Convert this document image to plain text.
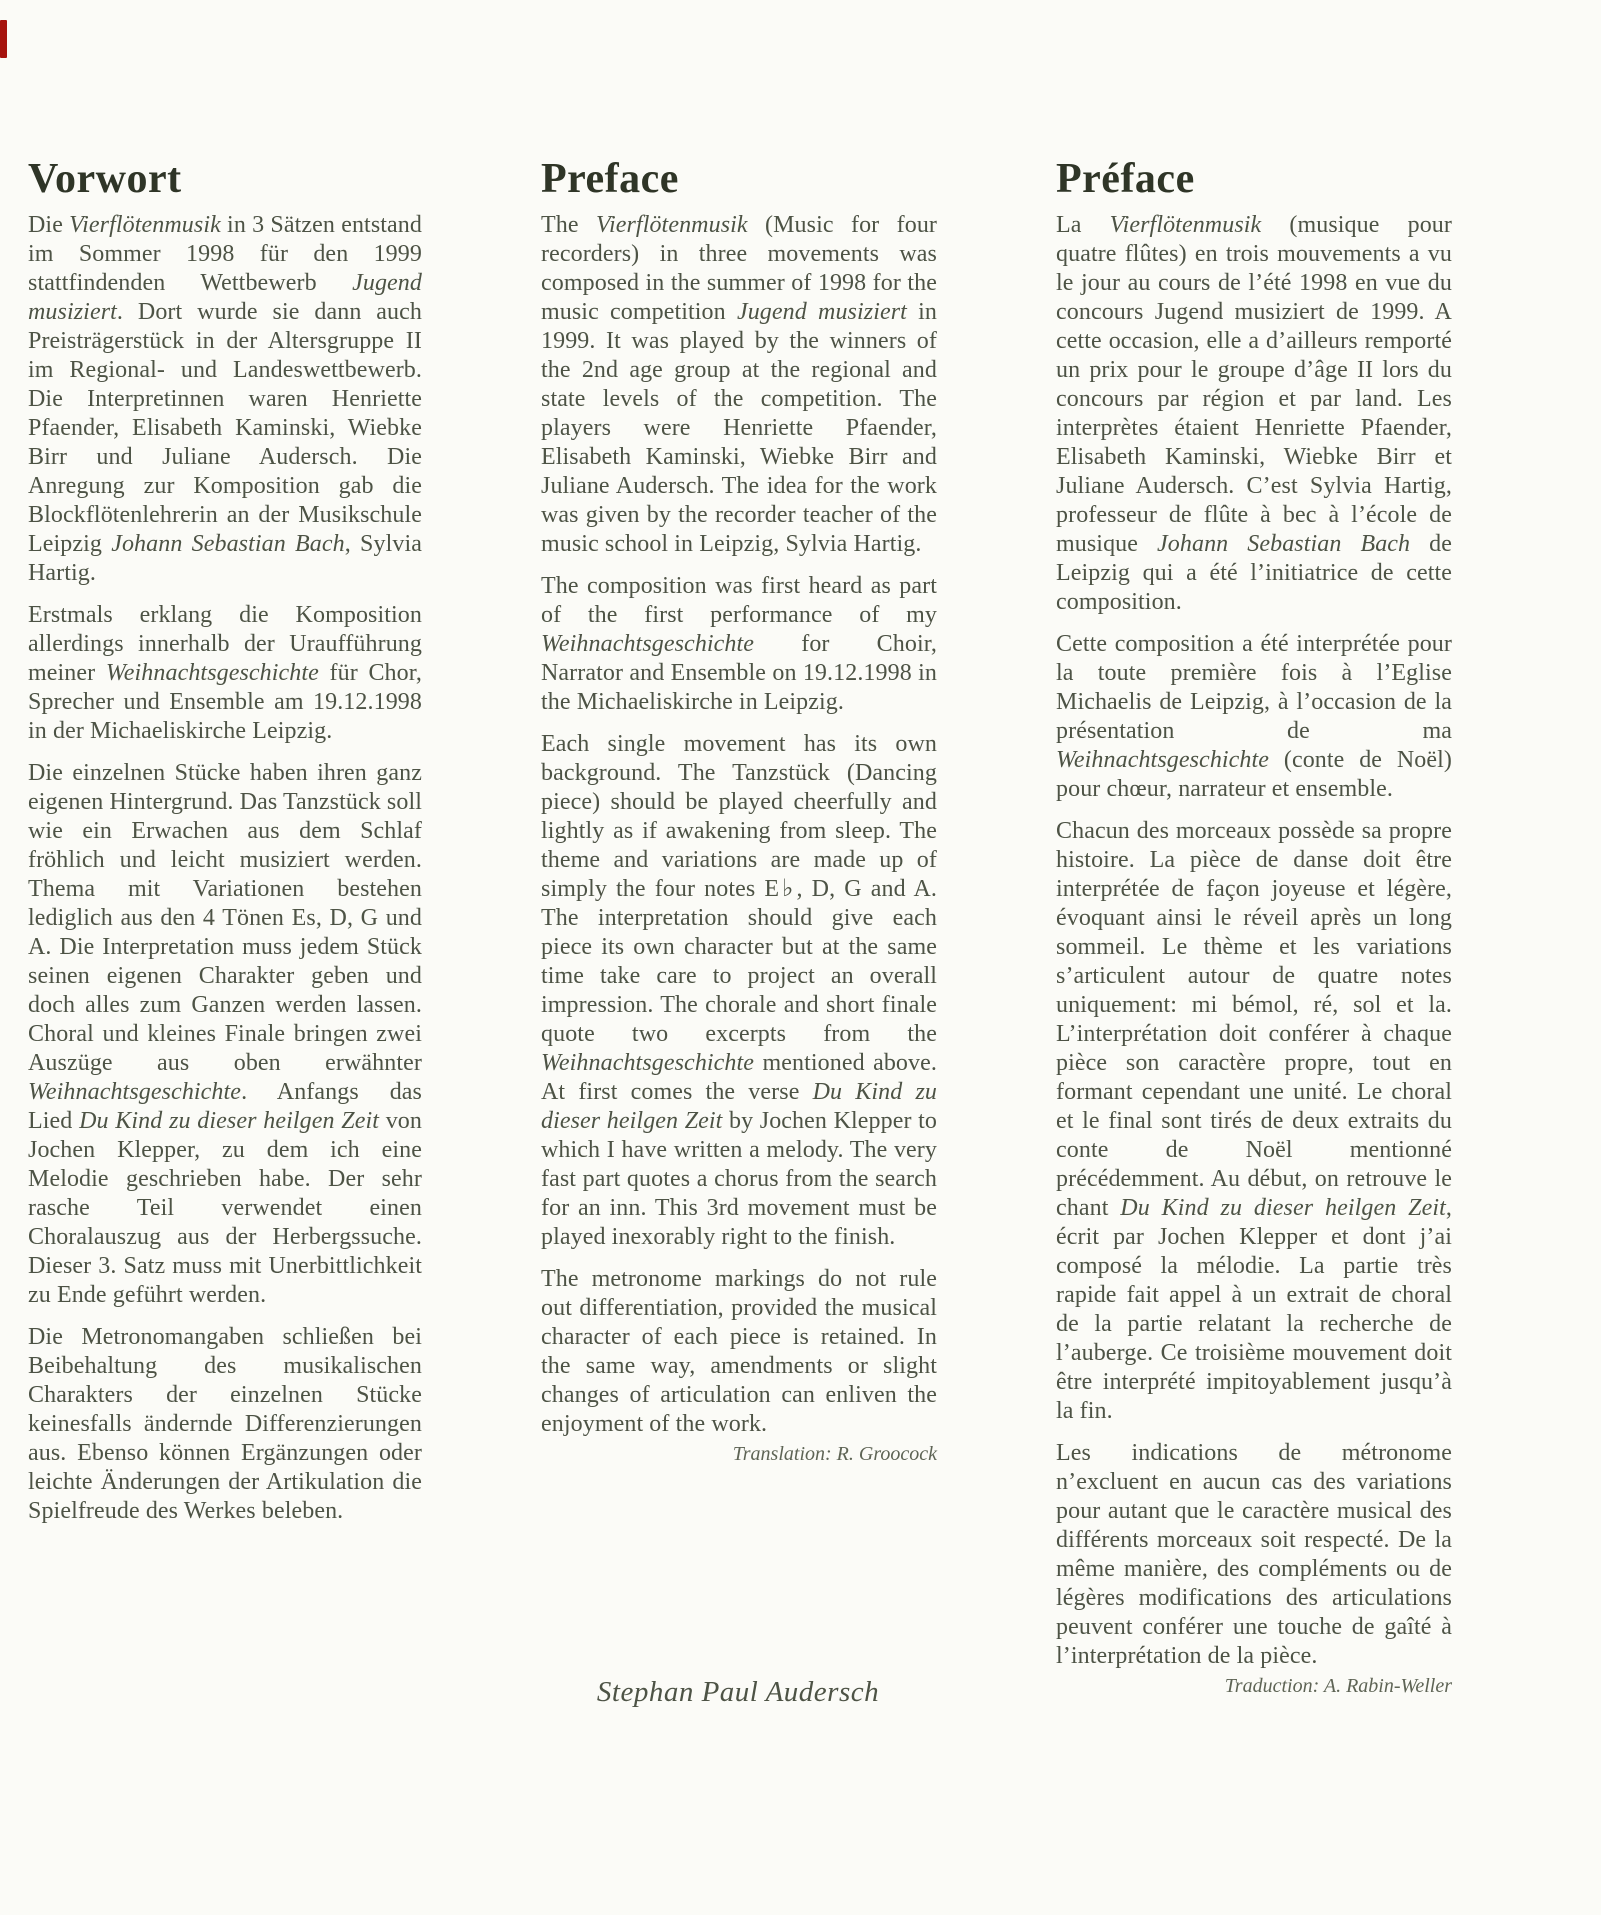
Vorwort

Die Vierflötenmusik in 3 Sätzen entstand im Sommer 1998 für den 1999 stattfindenden Wettbewerb Jugend musiziert. Dort wurde sie dann auch Preisträgerstück in der Altersgruppe II im Regional- und Landeswettbewerb. Die Interpretinnen waren Henriette Pfaender, Elisabeth Kaminski, Wiebke Birr und Juliane Audersch. Die Anregung zur Komposition gab die Blockflötenlehrerin an der Musikschule Leipzig Johann Sebastian Bach, Sylvia Hartig.

Erstmals erklang die Komposition allerdings innerhalb der Uraufführung meiner Weihnachtsgeschichte für Chor, Sprecher und Ensemble am 19.12.1998 in der Michaeliskirche Leipzig.

Die einzelnen Stücke haben ihren ganz eigenen Hintergrund. Das Tanzstück soll wie ein Erwachen aus dem Schlaf fröhlich und leicht musiziert werden. Thema mit Variationen bestehen lediglich aus den 4 Tönen Es, D, G und A. Die Interpretation muss jedem Stück seinen eigenen Charakter geben und doch alles zum Ganzen werden lassen. Choral und kleines Finale bringen zwei Auszüge aus oben erwähnter Weihnachtsgeschichte. Anfangs das Lied Du Kind zu dieser heilgen Zeit von Jochen Klepper, zu dem ich eine Melodie geschrieben habe. Der sehr rasche Teil verwendet einen Choralauszug aus der Herbergssuche. Dieser 3. Satz muss mit Unerbittlichkeit zu Ende geführt werden.

Die Metronomangaben schließen bei Beibehaltung des musikalischen Charakters der einzelnen Stücke keinesfalls ändernde Differenzierungen aus. Ebenso können Ergänzungen oder leichte Änderungen der Artikulation die Spielfreude des Werkes beleben.

Preface

The Vierflötenmusik (Music for four recorders) in three movements was composed in the summer of 1998 for the music competition Jugend musiziert in 1999. It was played by the winners of the 2nd age group at the regional and state levels of the competition. The players were Henriette Pfaender, Elisabeth Kaminski, Wiebke Birr and Juliane Audersch. The idea for the work was given by the recorder teacher of the music school in Leipzig, Sylvia Hartig.

The composition was first heard as part of the first performance of my Weihnachtsgeschichte for Choir, Narrator and Ensemble on 19.12.1998 in the Michaeliskirche in Leipzig.

Each single movement has its own background. The Tanzstück (Dancing piece) should be played cheerfully and lightly as if awakening from sleep. The theme and variations are made up of simply the four notes E♭, D, G and A. The interpretation should give each piece its own character but at the same time take care to project an overall impression. The chorale and short finale quote two excerpts from the Weihnachtsgeschichte mentioned above. At first comes the verse Du Kind zu dieser heilgen Zeit by Jochen Klepper to which I have written a melody. The very fast part quotes a chorus from the search for an inn. This 3rd movement must be played inexorably right to the finish.

The metronome markings do not rule out differentiation, provided the musical character of each piece is retained. In the same way, amendments or slight changes of articulation can enliven the enjoyment of the work.

Translation: R. Groocock
Préface

La Vierflötenmusik (musique pour quatre flûtes) en trois mouvements a vu le jour au cours de l’été 1998 en vue du concours Jugend musiziert de 1999. A cette occasion, elle a d’ailleurs remporté un prix pour le groupe d’âge II lors du concours par région et par land. Les interprètes étaient Henriette Pfaender, Elisabeth Kaminski, Wiebke Birr et Juliane Audersch. C’est Sylvia Hartig, professeur de flûte à bec à l’école de musique Johann Sebastian Bach de Leipzig qui a été l’initiatrice de cette composition.

Cette composition a été interprétée pour la toute première fois à l’Eglise Michaelis de Leipzig, à l’occasion de la présentation de ma Weihnachtsgeschichte (conte de Noël) pour chœur, narrateur et ensemble.

Chacun des morceaux possède sa propre histoire. La pièce de danse doit être interprétée de façon joyeuse et légère, évoquant ainsi le réveil après un long sommeil. Le thème et les variations s’articulent autour de quatre notes uniquement: mi bémol, ré, sol et la. L’interprétation doit conférer à chaque pièce son caractère propre, tout en formant cependant une unité. Le choral et le final sont tirés de deux extraits du conte de Noël mentionné précédemment. Au début, on retrouve le chant Du Kind zu dieser heilgen Zeit, écrit par Jochen Klepper et dont j’ai composé la mélodie. La partie très rapide fait appel à un extrait de choral de la partie relatant la recherche de l’auberge. Ce troisième mouvement doit être interprété impitoyablement jusqu’à la fin.

Les indications de métronome n’excluent en aucun cas des variations pour autant que le caractère musical des différents morceaux soit respecté. De la même manière, des compléments ou de légères modifications des articulations peuvent conférer une touche de gaîté à l’interprétation de la pièce.

Traduction: A. Rabin-Weller
Stephan Paul Audersch
